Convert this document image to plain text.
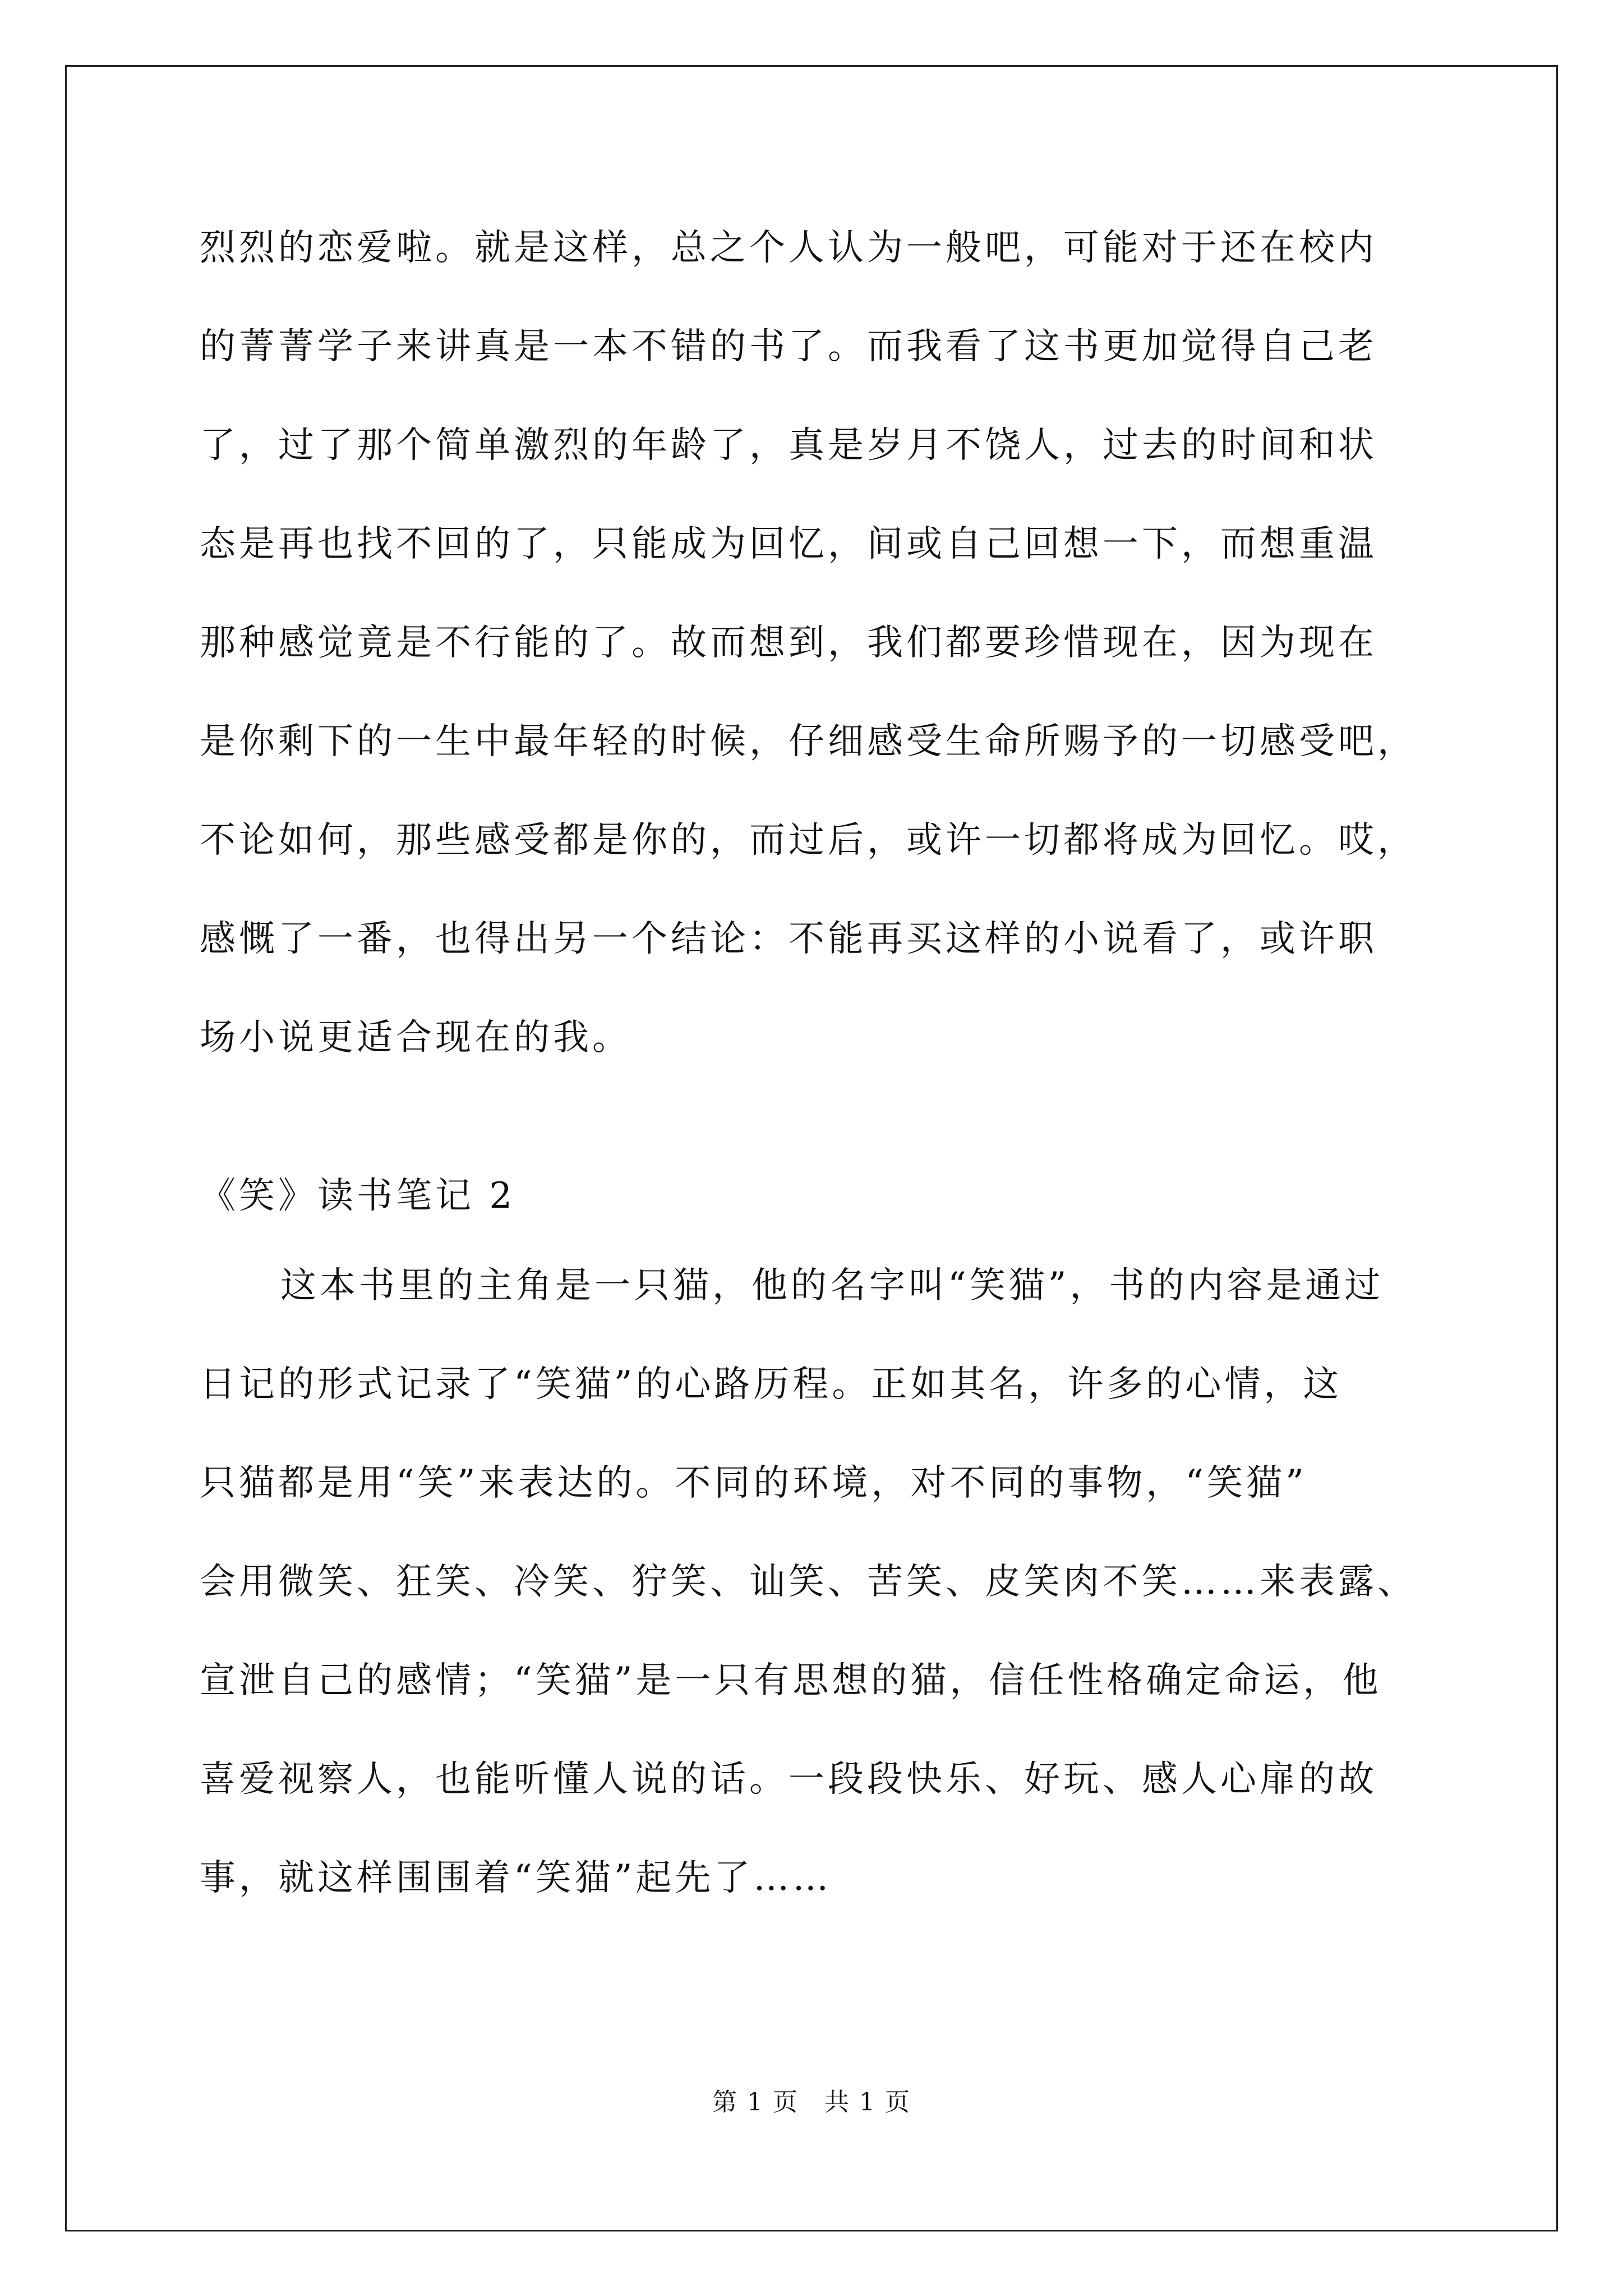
烈烈的恋爱啦。就是这样，总之个人认为一般吧，可能对于还在校内

的菁菁学子来讲真是一本不错的书了。而我看了这书更加觉得自己老

了，过了那个简单激烈的年龄了，真是岁月不饶人，过去的时间和状

态是再也找不回的了，只能成为回忆，间或自己回想一下，而想重温

那种感觉竟是不行能的了。故而想到，我们都要珍惜现在，因为现在

是你剩下的一生中最年轻的时候，仔细感受生命所赐予的一切感受吧，

不论如何，那些感受都是你的，而过后，或许一切都将成为回忆。哎，

感慨了一番，也得出另一个结论：不能再买这样的小说看了，或许职

场小说更适合现在的我。

《笑》读书笔记 2

这本书里的主角是一只猫，他的名字叫“笑猫”，书的内容是通过

日记的形式记录了“笑猫”的心路历程。正如其名，许多的心情，这

只猫都是用“笑”来表达的。不同的环境，对不同的事物，“笑猫”

会用微笑、狂笑、冷笑、狞笑、讪笑、苦笑、皮笑肉不笑……来表露、

宣泄自己的感情；“笑猫”是一只有思想的猫，信任性格确定命运，他

喜爱视察人，也能听懂人说的话。一段段快乐、好玩、感人心扉的故

事，就这样围围着“笑猫”起先了……

第 1 页　共 1 页
